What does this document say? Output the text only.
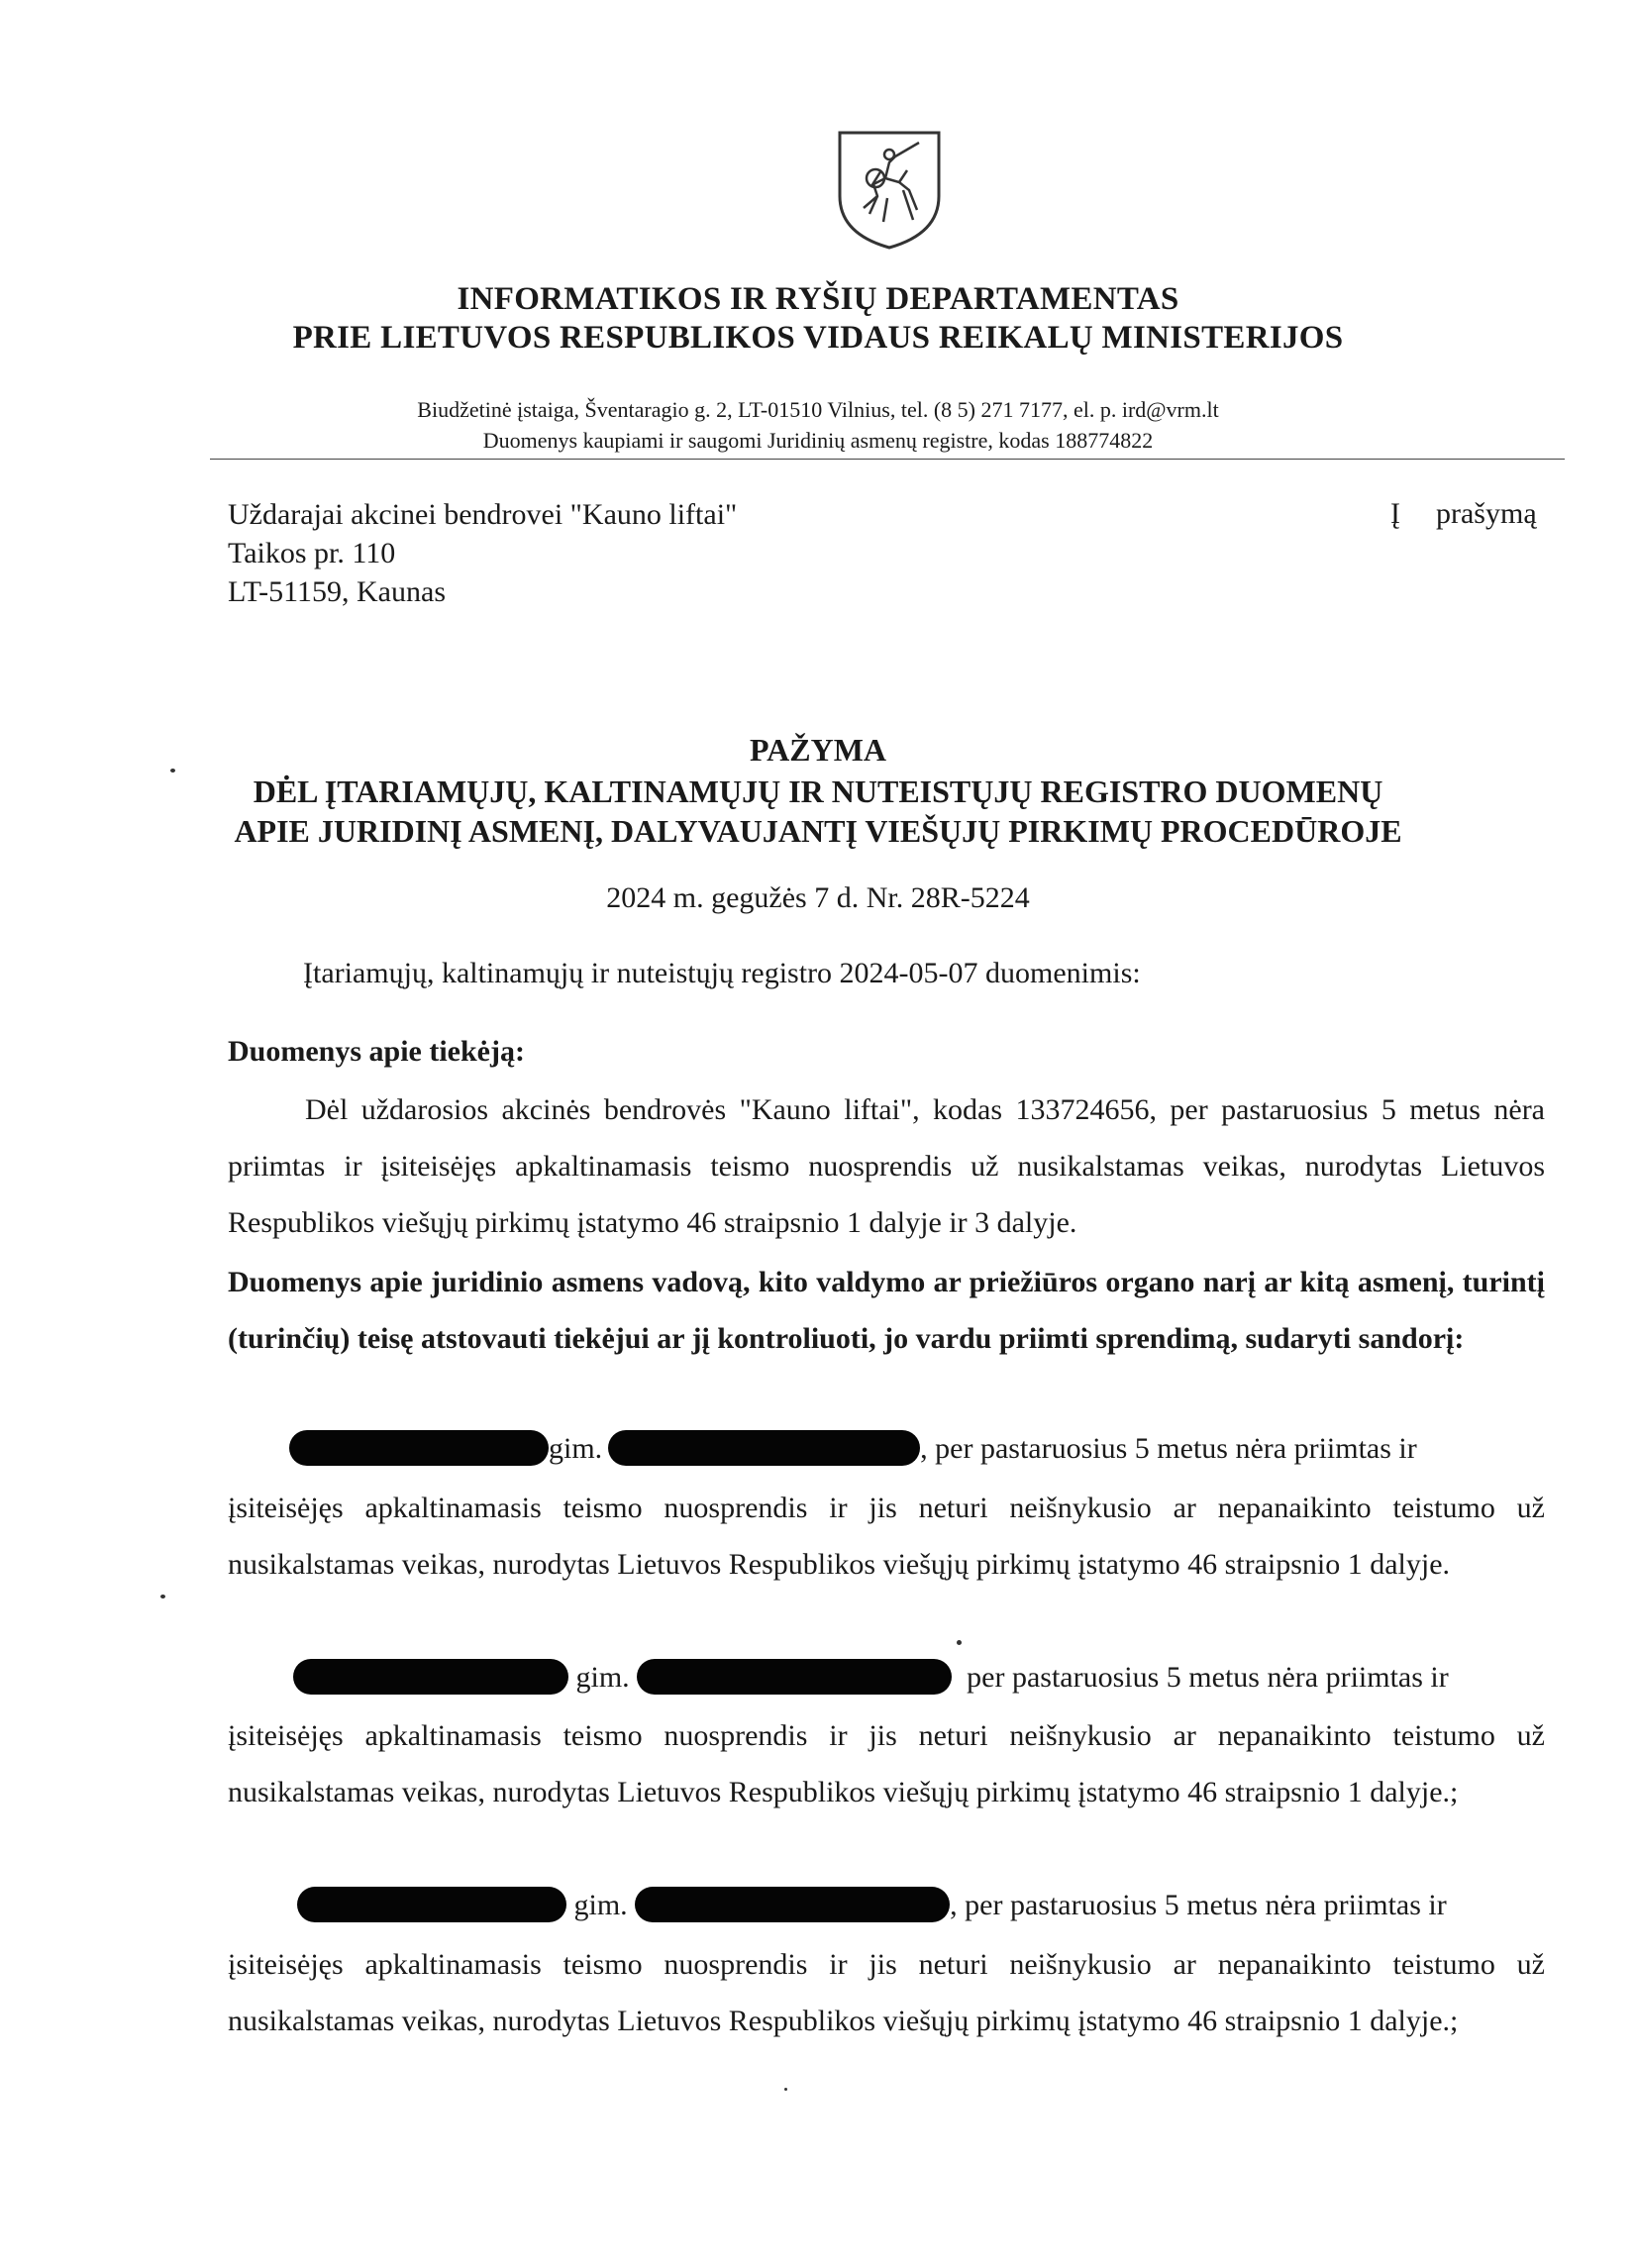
INFORMATIKOS IR RYŠIŲ DEPARTAMENTAS
PRIE LIETUVOS RESPUBLIKOS VIDAUS REIKALŲ MINISTERIJOS
Biudžetinė įstaiga, Šventaragio g. 2, LT-01510 Vilnius, tel. (8 5) 271 7177, el. p. ird@vrm.lt
Duomenys kaupiami ir saugomi Juridinių asmenų registre, kodas 188774822
Uždarajai akcinei bendrovei "Kauno liftai"
Taikos pr. 110
LT-51159, Kaunas
Į prašymą
PAŽYMA
DĖL ĮTARIAMŲJŲ, KALTINAMŲJŲ IR NUTEISTŲJŲ REGISTRO DUOMENŲ
APIE JURIDINĮ ASMENĮ, DALYVAUJANTĮ VIEŠŲJŲ PIRKIMŲ PROCEDŪROJE
2024 m. gegužės 7 d. Nr. 28R-5224
Įtariamųjų, kaltinamųjų ir nuteistųjų registro 2024-05-07 duomenimis:
Duomenys apie tiekėją:
Dėl uždarosios akcinės bendrovės "Kauno liftai", kodas 133724656, per pastaruosius 5 metus nėra priimtas ir įsiteisėjęs apkaltinamasis teismo nuosprendis už nusikalstamas veikas, nurodytas Lietuvos Respublikos viešųjų pirkimų įstatymo 46 straipsnio 1 dalyje ir 3 dalyje.
Duomenys apie juridinio asmens vadovą, kito valdymo ar priežiūros organo narį ar kitą asmenį, turintį (turinčių) teisę atstovauti tiekėjui ar jį kontroliuoti, jo vardu priimti sprendimą, sudaryti sandorį:
gim.	, per pastaruosius 5 metus nėra priimtas ir
įsiteisėjęs apkaltinamasis teismo nuosprendis ir jis neturi neišnykusio ar nepanaikinto teistumo už nusikalstamas veikas, nurodytas Lietuvos Respublikos viešųjų pirkimų įstatymo 46 straipsnio 1 dalyje.
gim.	per pastaruosius 5 metus nėra priimtas ir
įsiteisėjęs apkaltinamasis teismo nuosprendis ir jis neturi neišnykusio ar nepanaikinto teistumo už nusikalstamas veikas, nurodytas Lietuvos Respublikos viešųjų pirkimų įstatymo 46 straipsnio 1 dalyje.;
gim.	, per pastaruosius 5 metus nėra priimtas ir
įsiteisėjęs apkaltinamasis teismo nuosprendis ir jis neturi neišnykusio ar nepanaikinto teistumo už nusikalstamas veikas, nurodytas Lietuvos Respublikos viešųjų pirkimų įstatymo 46 straipsnio 1 dalyje.;
